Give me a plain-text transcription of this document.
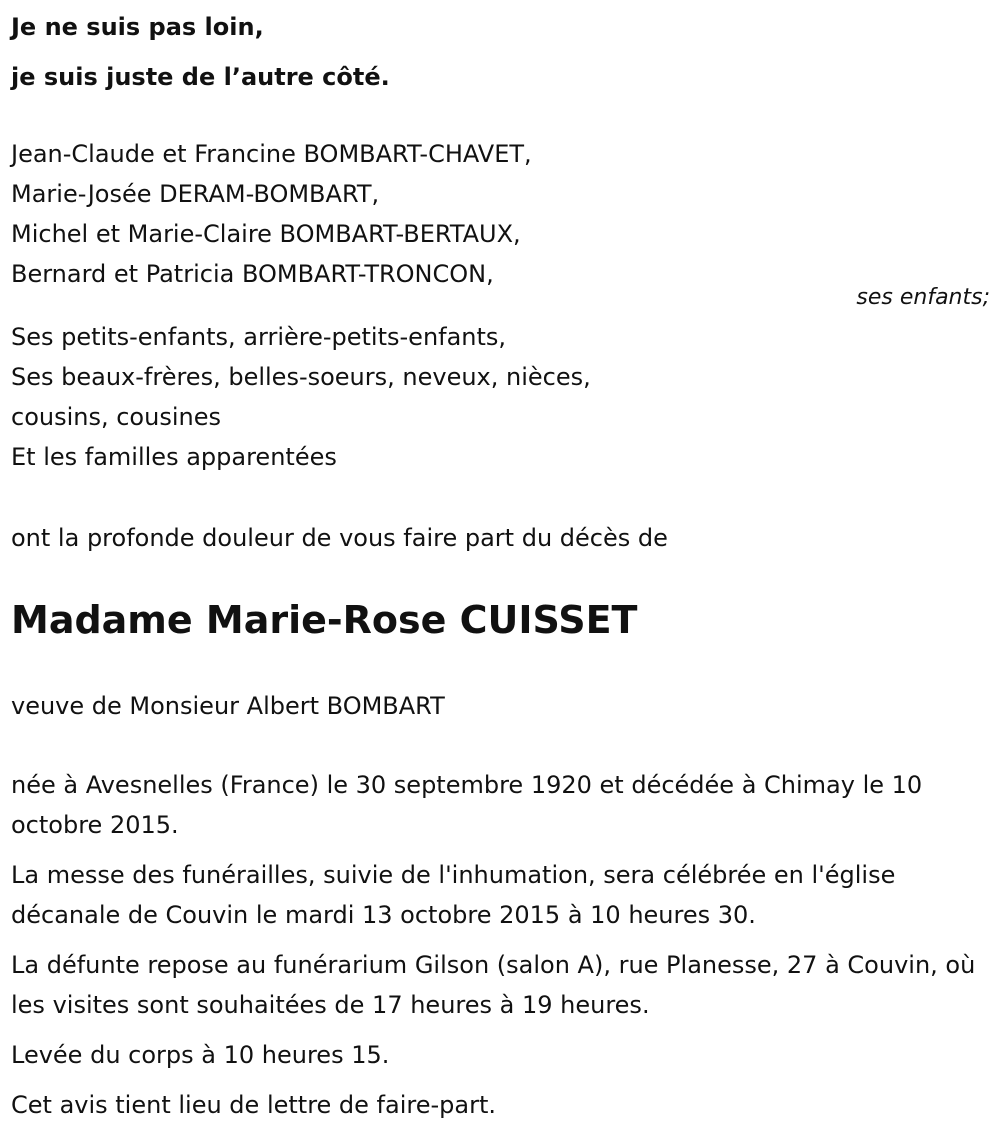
Je ne suis pas loin,

je suis juste de l’autre côté.

Jean-Claude et Francine BOMBART-CHAVET,

Marie-Josée DERAM-BOMBART,

Michel et Marie-Claire BOMBART-BERTAUX,

Bernard et Patricia BOMBART-TRONCON,

ses enfants;

Ses petits-enfants, arrière-petits-enfants,

Ses beaux-frères, belles-soeurs, neveux, nièces,

cousins, cousines

Et les familles apparentées

ont la profonde douleur de vous faire part du décès de

Madame Marie-Rose CUISSET

veuve de Monsieur Albert BOMBART

née à Avesnelles (France) le 30 septembre 1920 et décédée à Chimay le 10 octobre 2015.

La messe des funérailles, suivie de l'inhumation, sera célébrée en l'église décanale de Couvin le mardi 13 octobre 2015 à 10 heures 30.

La défunte repose au funérarium Gilson (salon A), rue Planesse, 27 à Couvin, où les visites sont souhaitées de 17 heures à 19 heures.

Levée du corps à 10 heures 15.

Cet avis tient lieu de lettre de faire-part.
